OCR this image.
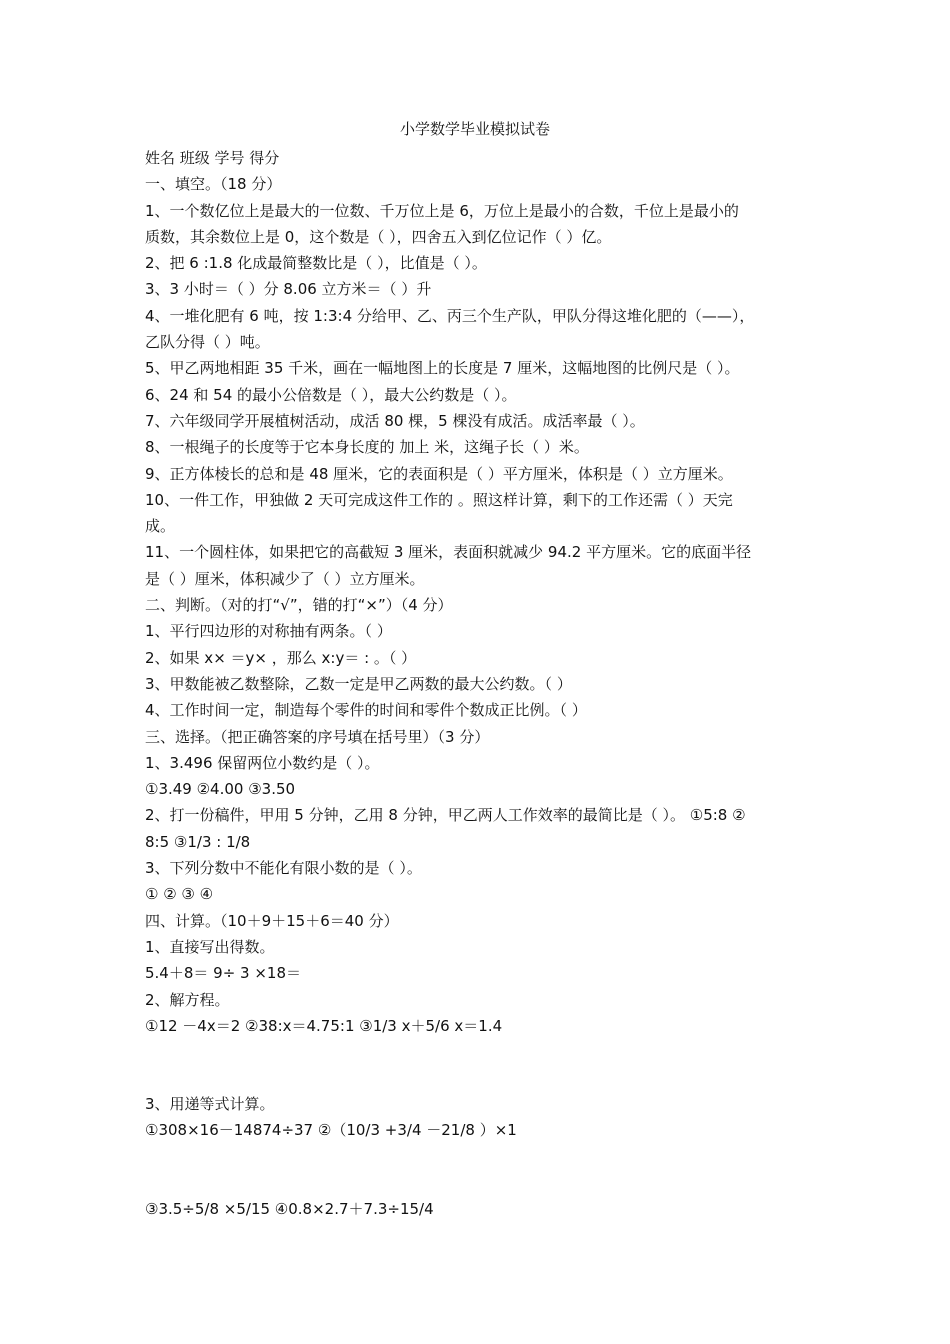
小学数学毕业模拟试卷
姓名 班级 学号 得分
一、填空。（18 分）
1、一个数亿位上是最大的一位数、千万位上是 6，万位上是最小的合数，千位上是最小的
质数，其余数位上是 0，这个数是（ ），四舍五入到亿位记作（ ）亿。
2、把 6 :1.8 化成最简整数比是（ ），比值是（ ）。
3、3 小时＝（ ）分 8.06 立方米＝（ ）升
4、一堆化肥有 6 吨，按 1:3:4 分给甲、乙、丙三个生产队，甲队分得这堆化肥的（——），
乙队分得（ ）吨。
5、甲乙两地相距 35 千米，画在一幅地图上的长度是 7 厘米，这幅地图的比例尺是（ ）。
6、24 和 54 的最小公倍数是（ ），最大公约数是（ ）。
7、六年级同学开展植树活动，成活 80 棵，5 棵没有成活。成活率最（ ）。
8、一根绳子的长度等于它本身长度的 加上 米，这绳子长（ ）米。
9、正方体棱长的总和是 48 厘米，它的表面积是（ ）平方厘米，体积是（ ）立方厘米。
10、一件工作，甲独做 2 天可完成这件工作的 。照这样计算，剩下的工作还需（ ）天完
成。
11、一个圆柱体，如果把它的高截短 3 厘米，表面积就减少 94.2 平方厘米。它的底面半径
是（ ）厘米，体积减少了（ ）立方厘米。
二、判断。（对的打“√”，错的打“×”）（4 分）
1、平行四边形的对称抽有两条。（ ）
2、如果 x× ＝y× ，那么 x:y＝ : 。（ ）
3、甲数能被乙数整除，乙数一定是甲乙两数的最大公约数。（ ）
4、工作时间一定，制造每个零件的时间和零件个数成正比例。（ ）
三、选择。（把正确答案的序号填在括号里）（3 分）
1、3.496 保留两位小数约是（ ）。
①3.49 ②4.00 ③3.50
2、打一份稿件，甲用 5 分钟，乙用 8 分钟，甲乙两人工作效率的最简比是（ ）。 ①5:8 ②
8:5 ③1/3 : 1/8
3、下列分数中不能化有限小数的是（ ）。
① ② ③ ④
四、计算。（10＋9＋15＋6＝40 分）
1、直接写出得数。
5.4＋8＝ 9÷ 3 ×18＝
2、解方程。
①12 －4x＝2 ②38:x＝4.75:1 ③1/3 x＋5/6 x＝1.4
3、用递等式计算。
①308×16－14874÷37 ②（10/3 +3/4 －21/8 ）×1
③3.5÷5/8 ×5/15 ④0.8×2.7＋7.3÷15/4
